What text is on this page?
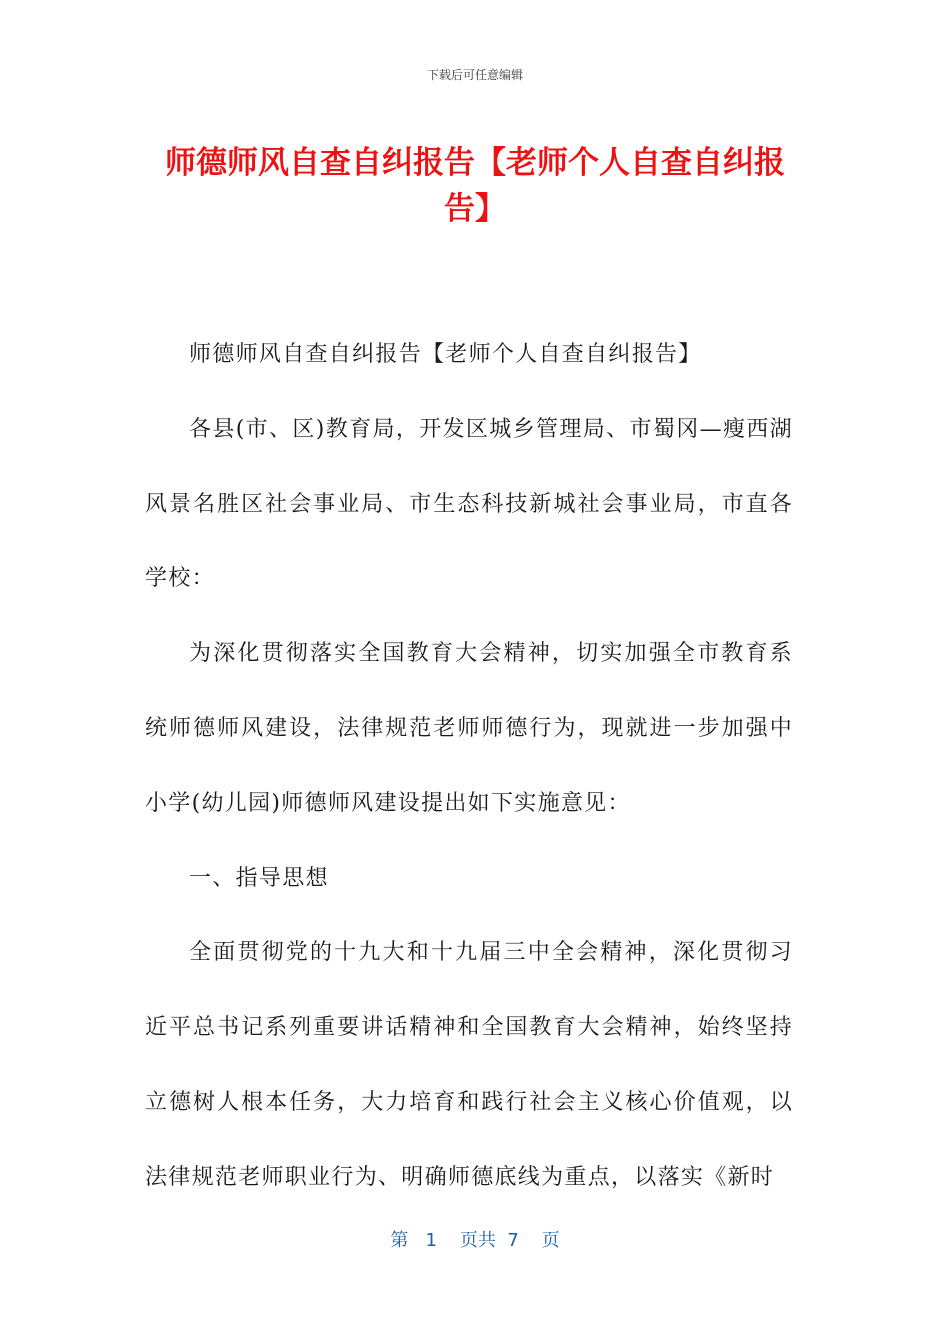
下载后可任意编辑
师德师风自查自纠报告【老师个人自查自纠报告】

师德师风自查自纠报告【老师个人自查自纠报告】

各县(市、区)教育局，开发区城乡管理局、市蜀冈—瘦西湖风景名胜区社会事业局、市生态科技新城社会事业局，市直各学校：

为深化贯彻落实全国教育大会精神，切实加强全市教育系统师德师风建设，法律规范老师师德行为，现就进一步加强中小学(幼儿园)师德师风建设提出如下实施意见：

一、指导思想

全面贯彻党的十九大和十九届三中全会精神，深化贯彻习近平总书记系列重要讲话精神和全国教育大会精神，始终坚持立德树人根本任务，大力培育和践行社会主义核心价值观，以法律规范老师职业行为、明确师德底线为重点，以落实《新时

第 1 页共 7 页
